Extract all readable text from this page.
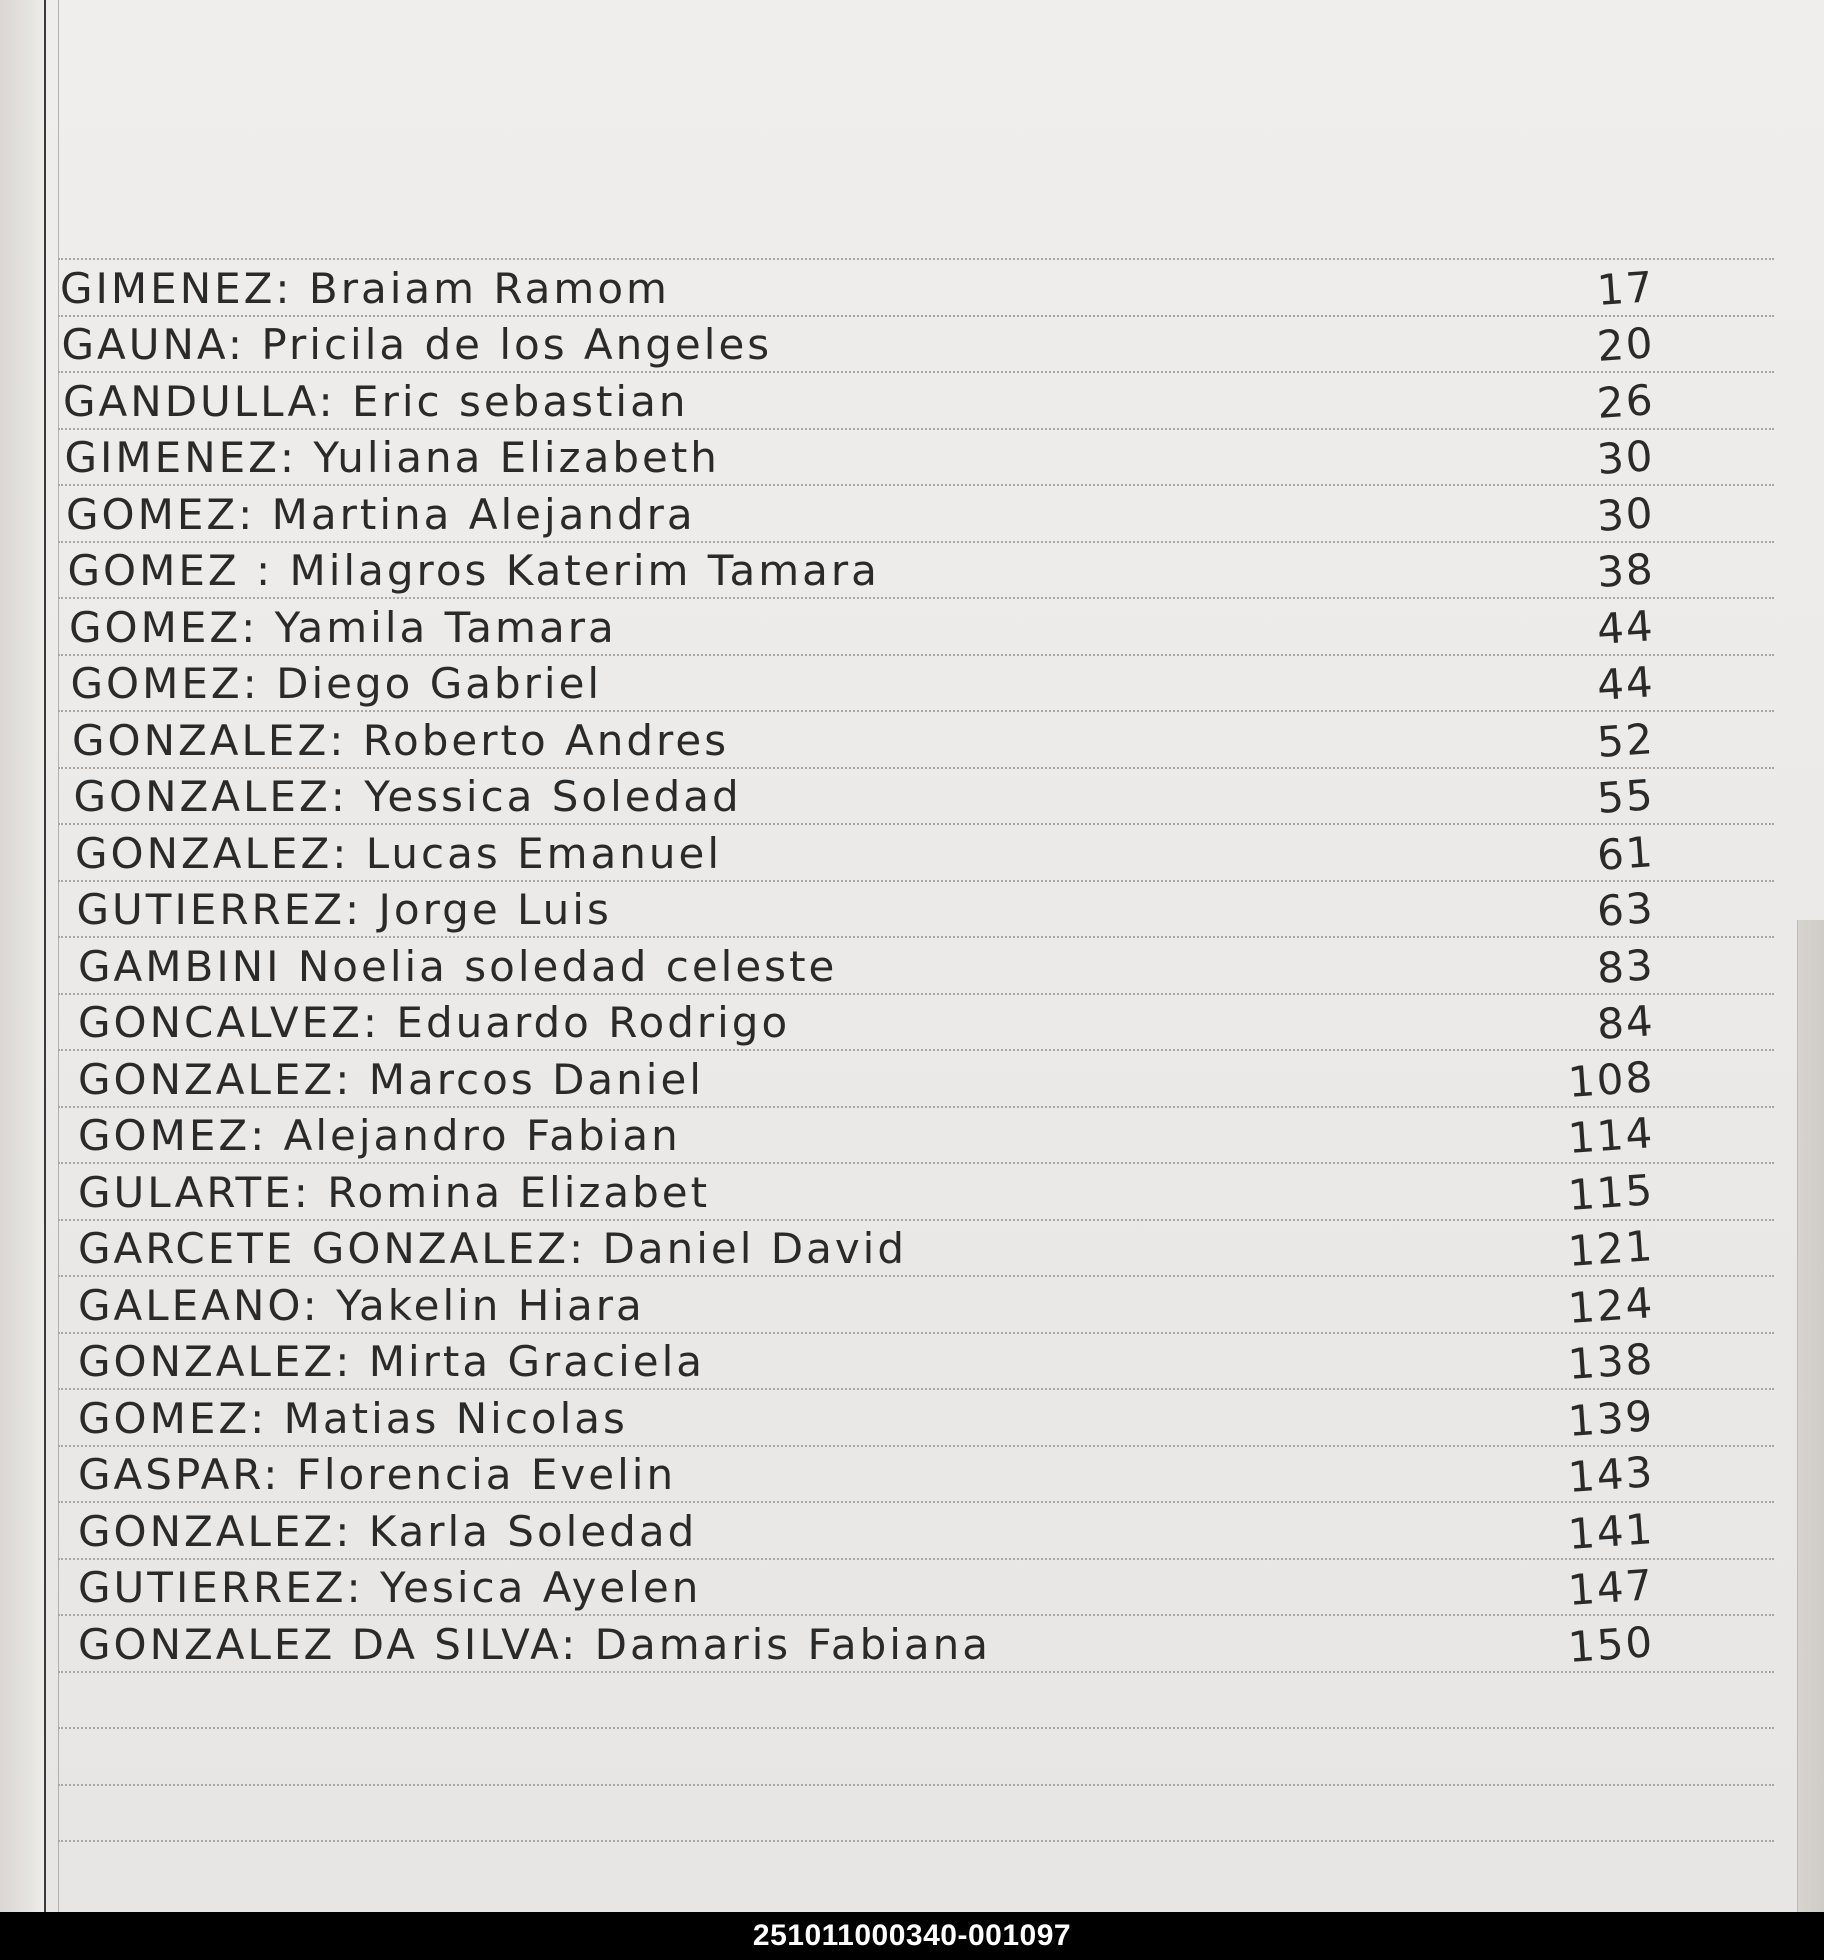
GIMENEZ: Braiam Ramom	17
GAUNA: Pricila de los Angeles	20
GANDULLA: Eric sebastian	26
GIMENEZ: Yuliana Elizabeth	30
GOMEZ: Martina Alejandra	30
GOMEZ : Milagros Katerim Tamara	38
GOMEZ: Yamila Tamara	44
GOMEZ: Diego Gabriel	44
GONZALEZ: Roberto Andres	52
GONZALEZ: Yessica Soledad	55
GONZALEZ: Lucas Emanuel	61
GUTIERREZ: Jorge Luis	63
GAMBINI Noelia soledad celeste	83
GONCALVEZ: Eduardo Rodrigo	84
GONZALEZ: Marcos Daniel	108
GOMEZ: Alejandro Fabian	114
GULARTE: Romina Elizabet	115
GARCETE GONZALEZ: Daniel David	121
GALEANO: Yakelin Hiara	124
GONZALEZ: Mirta Graciela	138
GOMEZ: Matias Nicolas	139
GASPAR: Florencia Evelin	143
GONZALEZ: Karla Soledad	141
GUTIERREZ: Yesica Ayelen	147
GONZALEZ DA SILVA: Damaris Fabiana	150
251011000340-001097
